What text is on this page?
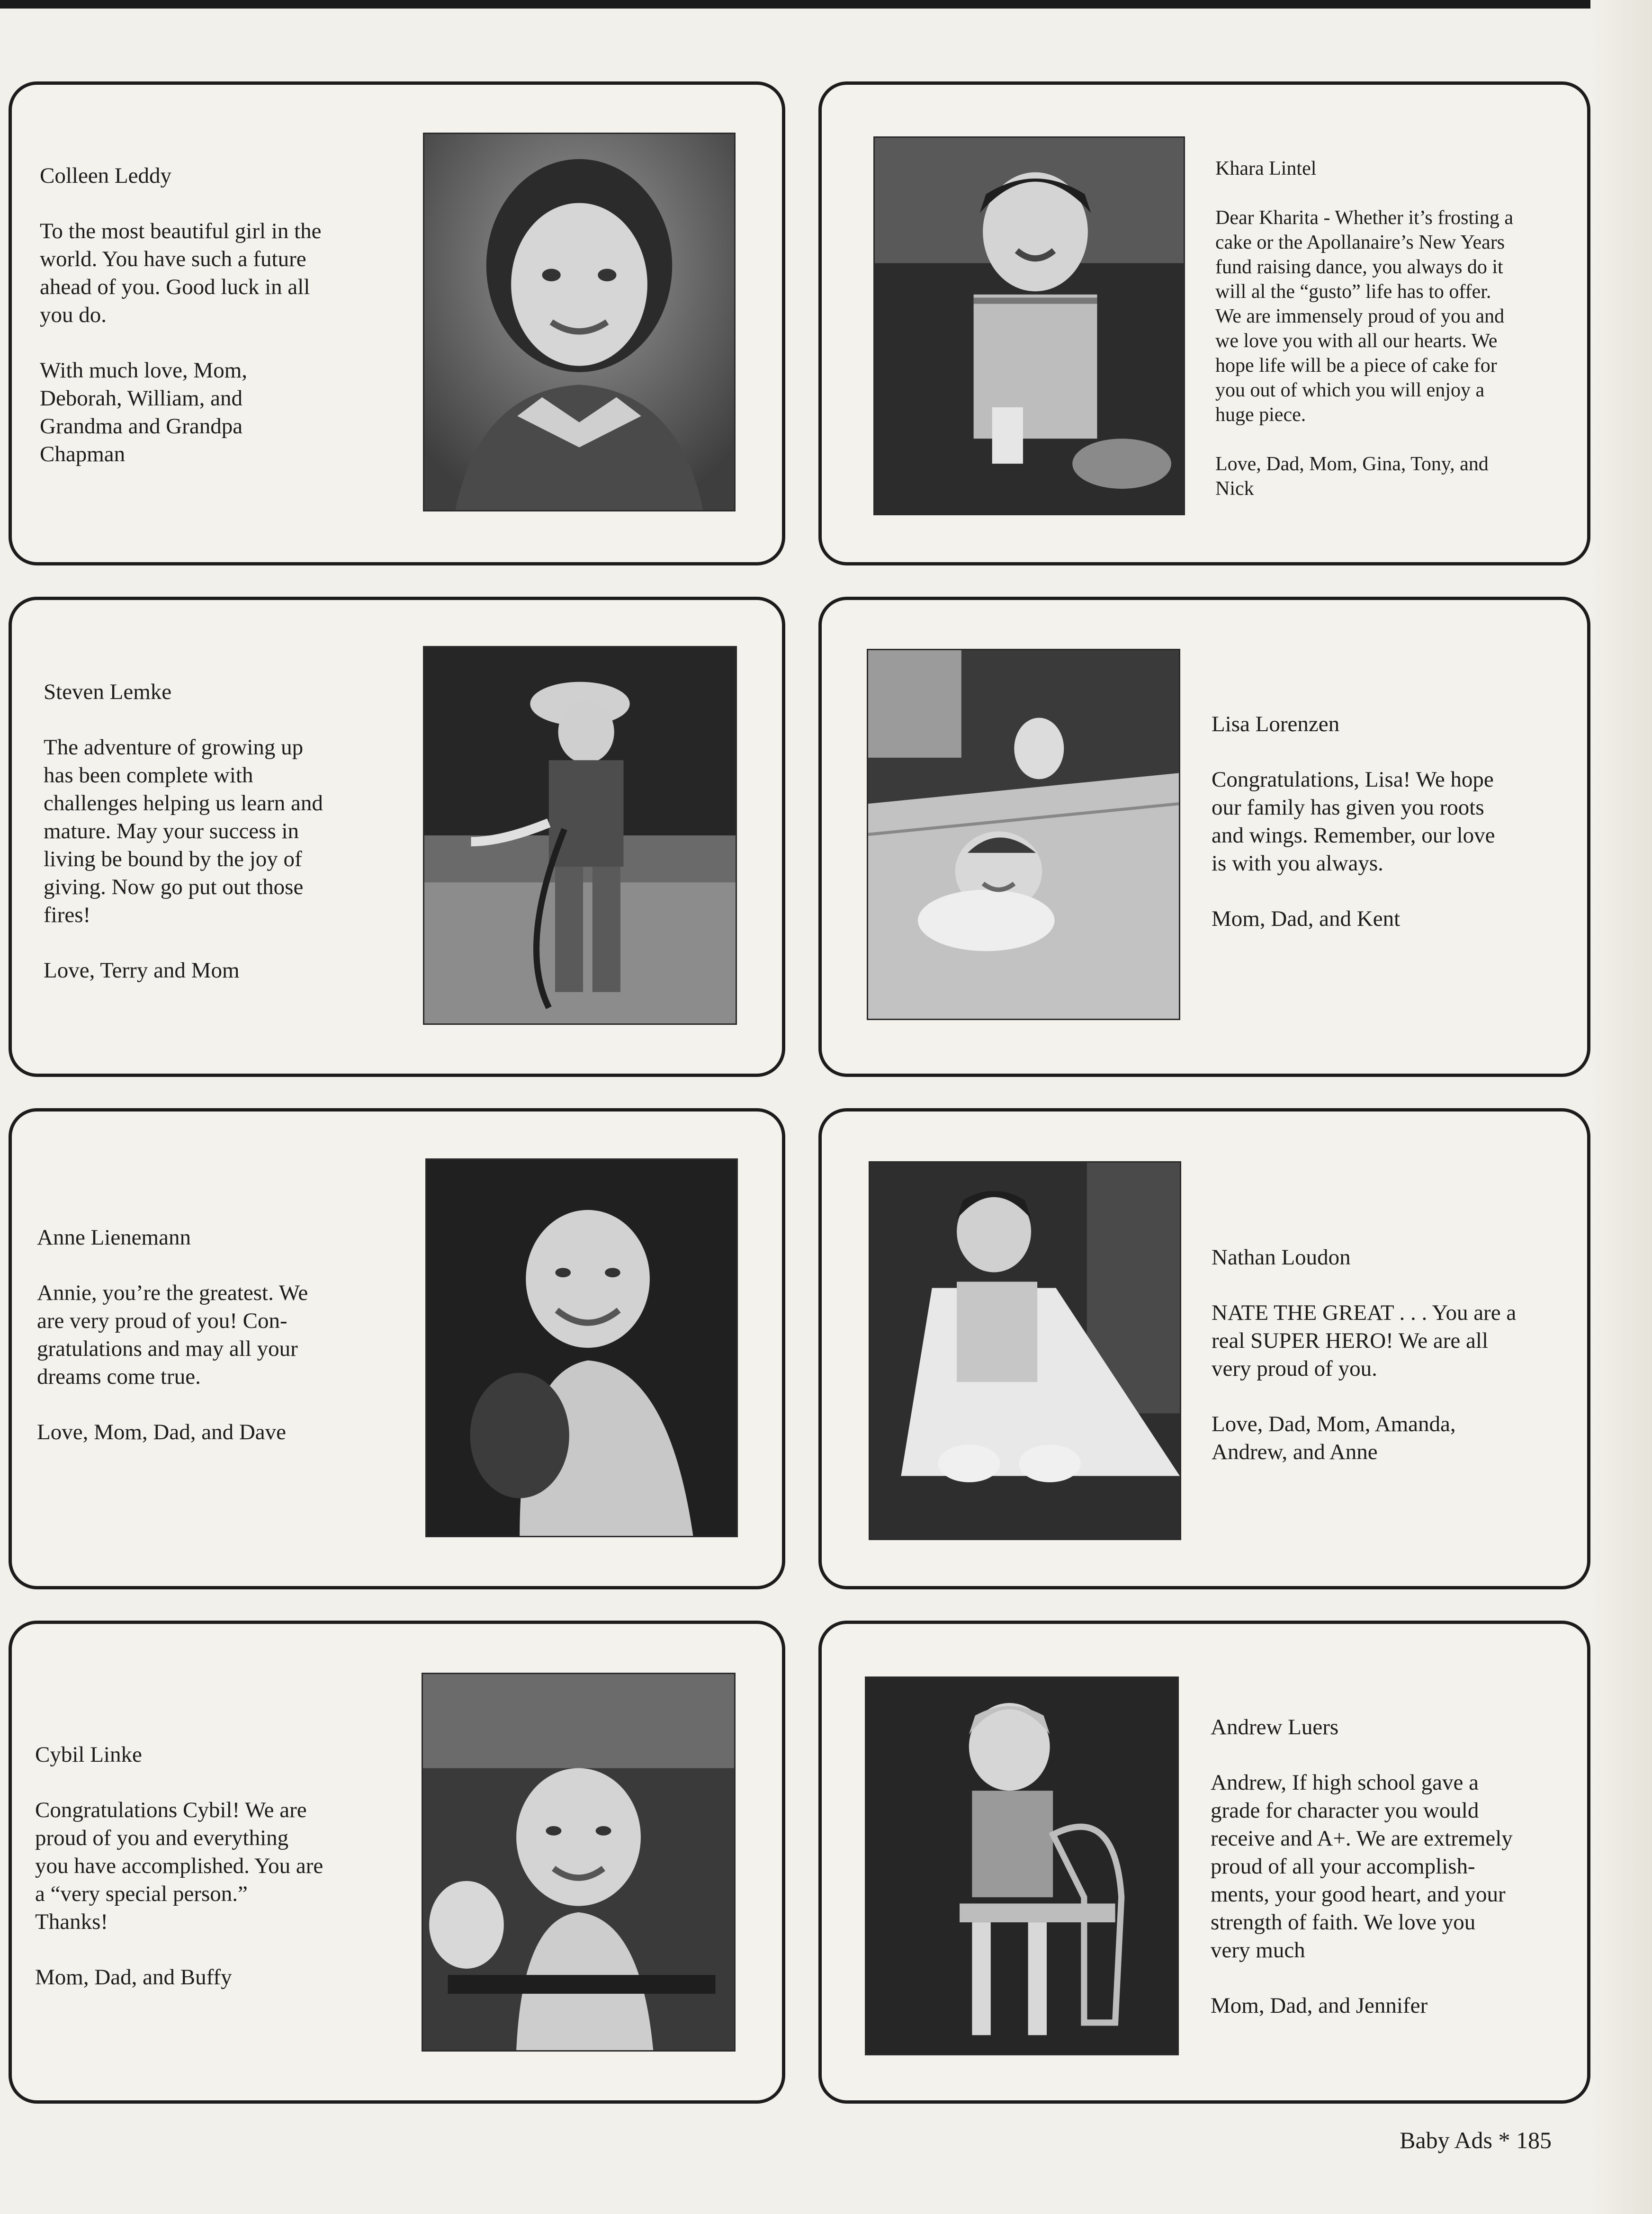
Colleen Leddy

To the most beautiful girl in the
world. You have such a future
ahead of you. Good luck in all
you do.

With much love, Mom,
Deborah, William, and
Grandma and Grandpa
Chapman

Khara Lintel

Dear Kharita - Whether it’s frosting a
cake or the Apollanaire’s New Years
fund raising dance, you always do it
will al the “gusto” life has to offer.
We are immensely proud of you and
we love you with all our hearts. We
hope life will be a piece of cake for
you out of which you will enjoy a
huge piece.

Love, Dad, Mom, Gina, Tony, and
Nick

Steven Lemke

The adventure of growing up
has been complete with
challenges helping us learn and
mature. May your success in
living be bound by the joy of
giving. Now go put out those
fires!

Love, Terry and Mom

Lisa Lorenzen

Congratulations, Lisa! We hope
our family has given you roots
and wings. Remember, our love
is with you always.

Mom, Dad, and Kent

Anne Lienemann

Annie, you’re the greatest. We
are very proud of you! Con-
gratulations and may all your
dreams come true.

Love, Mom, Dad, and Dave

Nathan Loudon

NATE THE GREAT . . . You are a
real SUPER HERO! We are all
very proud of you.

Love, Dad, Mom, Amanda,
Andrew, and Anne

Cybil Linke

Congratulations Cybil! We are
proud of you and everything
you have accomplished. You are
a “very special person.”
Thanks!

Mom, Dad, and Buffy

Andrew Luers

Andrew, If high school gave a
grade for character you would
receive and A+. We are extremely
proud of all your accomplish-
ments, your good heart, and your
strength of faith. We love you
very much

Mom, Dad, and Jennifer

Baby Ads * 185
